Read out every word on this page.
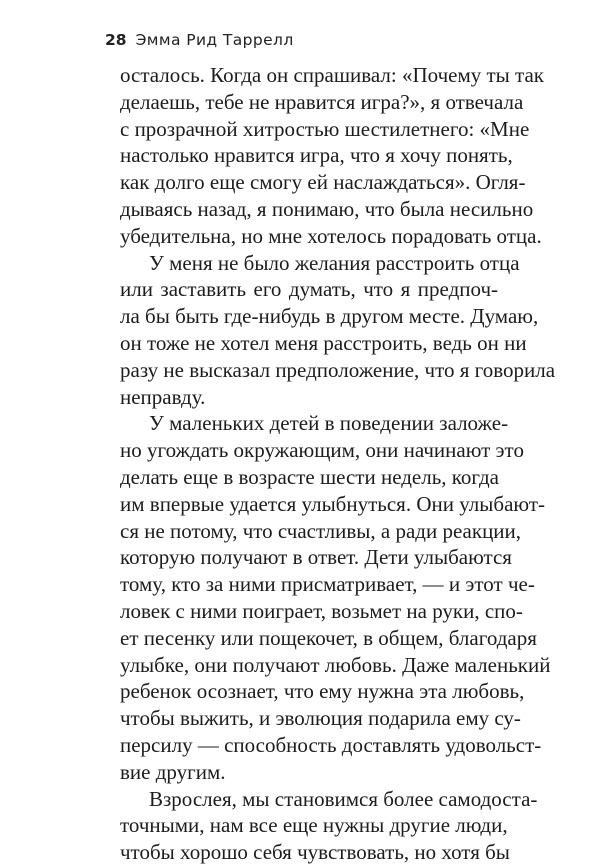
28 Эмма Рид Таррелл
осталось. Когда он спрашивал: «Почему ты так
делаешь, тебе не нравится игра?», я отвечала
с прозрачной хитростью шестилетнего: «Мне
настолько нравится игра, что я хочу понять,
как долго еще смогу ей наслаждаться». Огля-
дываясь назад, я понимаю, что была несильно
убедительна, но мне хотелось порадовать отца.
У меня не было желания расстроить отца
или заставить его думать, что я предпоч-
ла бы быть где-нибудь в другом месте. Думаю,
он тоже не хотел меня расстроить, ведь он ни
разу не высказал предположение, что я говорила
неправду.
У маленьких детей в поведении заложе-
но угождать окружающим, они начинают это
делать еще в возрасте шести недель, когда
им впервые удается улыбнуться. Они улыбают-
ся не потому, что счастливы, а ради реакции,
которую получают в ответ. Дети улыбаются
тому, кто за ними присматривает, — и этот че-
ловек с ними поиграет, возьмет на руки, спо-
ет песенку или пощекочет, в общем, благодаря
улыбке, они получают любовь. Даже маленький
ребенок осознает, что ему нужна эта любовь,
чтобы выжить, и эволюция подарила ему су-
персилу — способность доставлять удовольст-
вие другим.
Взрослея, мы становимся более самодоста-
точными, нам все еще нужны другие люди,
чтобы хорошо себя чувствовать, но хотя бы
